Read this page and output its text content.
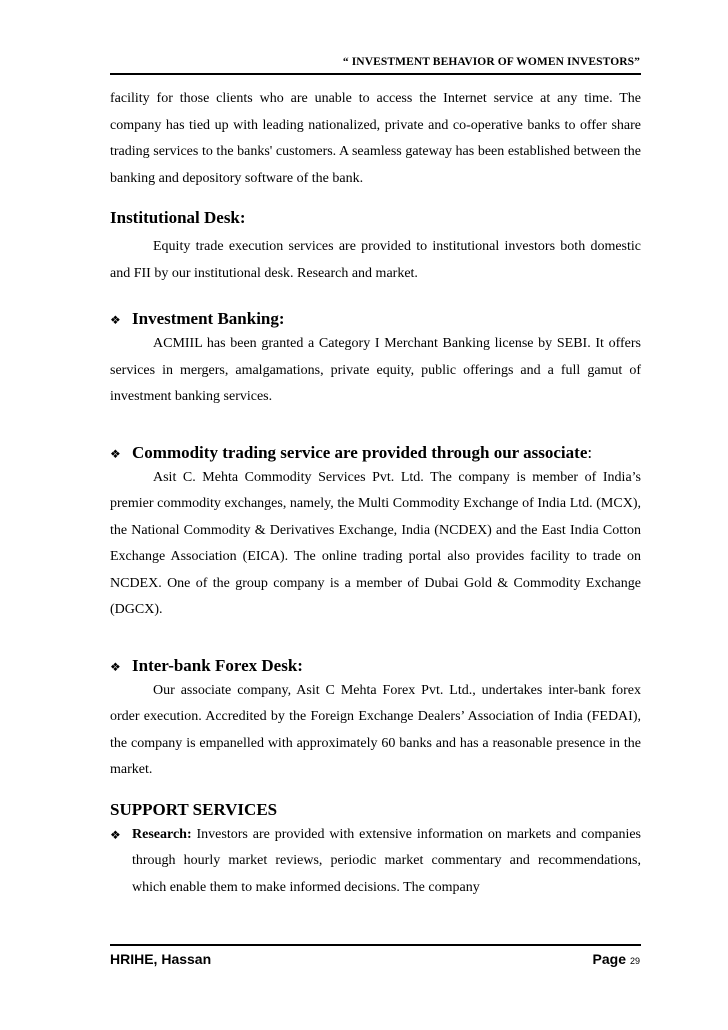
“ INVESTMENT BEHAVIOR OF WOMEN INVESTORS”

facility for those clients who are unable to access the Internet service at any time. The company has tied up with leading nationalized, private and co-operative banks to offer share trading services to the banks' customers. A seamless gateway has been established between the banking and depository software of the bank.

Institutional Desk:

Equity trade execution services are provided to institutional investors both domestic and FII by our institutional desk. Research and market.

❖ Investment Banking:

ACMIIL has been granted a Category I Merchant Banking license by SEBI. It offers services in mergers, amalgamations, private equity, public offerings and a full gamut of investment banking services.

❖ Commodity trading service are provided through our associate:

Asit C. Mehta Commodity Services Pvt. Ltd. The company is member of India’s premier commodity exchanges, namely, the Multi Commodity Exchange of India Ltd. (MCX), the National Commodity & Derivatives Exchange, India (NCDEX) and the East India Cotton Exchange Association (EICA). The online trading portal also provides facility to trade on NCDEX. One of the group company is a member of Dubai Gold & Commodity Exchange (DGCX).

❖ Inter-bank Forex Desk:

Our associate company, Asit C Mehta Forex Pvt. Ltd., undertakes inter-bank forex order execution. Accredited by the Foreign Exchange Dealers’ Association of India (FEDAI), the company is empanelled with approximately 60 banks and has a reasonable presence in the market.

SUPPORT SERVICES
❖ Research: Investors are provided with extensive information on markets and companies through hourly market reviews, periodic market commentary and recommendations, which enable them to make informed decisions. The company

HRIHE, Hassan	Page 29
